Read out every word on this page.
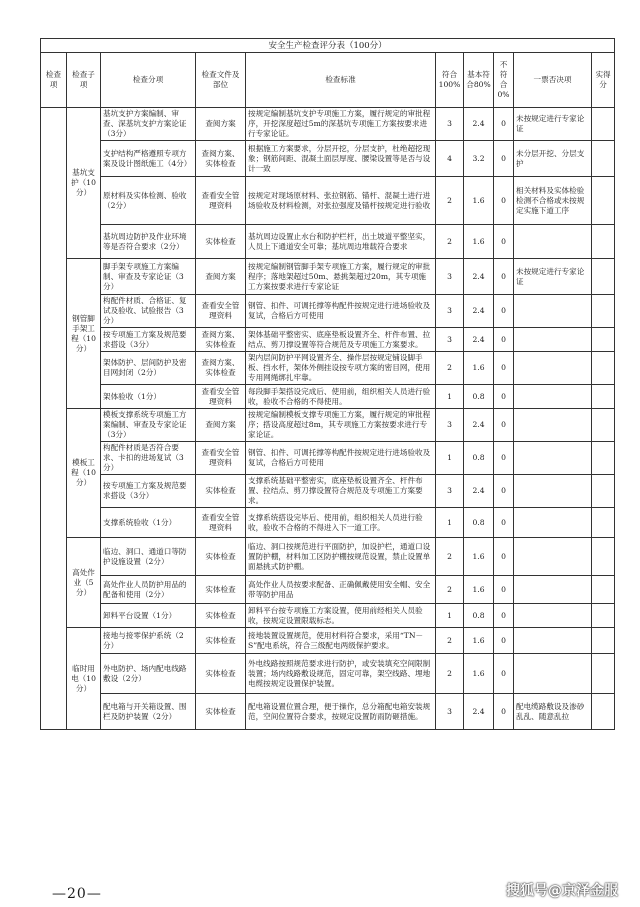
安全生产检查评分表（100分）									
检查项	检查子项	检查分项	检查文件及部位	检查标准	符合100%	基本符合80%	不符合0%	一票否决项	实得分
	基坑支护（10分）	基坑支护方案编制、审查、深基坑支护方案论证（3分）	查阅方案	按规定编制基坑支护专项施工方案，履行规定的审批程序，开挖深度超过5m的深基坑专项施工方案按要求进行专家论证。	3	2.4	0	未按规定进行专家论证	
		支护结构严格遵照专项方案及设计图纸施工（4分）	查阅方案、实体检查	根据施工方案要求，分层开挖，分层支护，杜绝超挖现象；钢筋间距、混凝土面层厚度、腰梁设置等是否与设计一致	4	3.2	0	未分层开挖、分层支护	
		原材料及实体检测、验收（2分）	查看安全管理资料	按规定对现场原材料、张拉钢筋、锚杆、混凝土进行进场验收及材料检测，对张拉强度及锚杆按规定进行验收	2	1.6	0	相关材料及实体检验检测不合格或未按规定实施下道工序	
		基坑周边防护及作业环境等是否符合要求（2分）	实体检查	基坑周边设置止水台和防护栏杆，出土坡道平整坚实，人员上下通道安全可靠；基坑周边堆载符合要求	2	1.6	0		
	钢管脚手架工程（10分）	脚手架专项施工方案编制、审查及专家论证（3分）	查阅方案	按规定编制钢管脚手架专项施工方案，履行规定的审批程序；落地架超过50m、悬挑架超过20m，其专项施工方案按要求进行专家论证	3	2.4	0	未按规定进行专家论证	
		构配件材质、合格证、复试及验收、试验报告（3分）	查看安全管理资料	钢管、扣件、可调托撑等构配件按规定进行进场验收及复试，合格后方可使用	3	2.4	0		
		按专项施工方案及规范要求搭设（3分）	查阅方案、实体检查	架体基础平整密实、底座垫板设置齐全、杆件布置、拉结点、剪刀撑设置等符合规范及专项施工方案要求。	3	2.4	0		
		架体防护、层间防护及密目网封闭（2分）	查阅方案、实体检查	架内层间防护平网设置齐全、操作层按规定铺设脚手板、挡水杆，架体外侧挂设按专项方案的密目网，使用专用网绳绑扎牢靠。	2	1.6	0		
		架体验收（1分）	查看安全管理资料	每段脚手架搭设完成后、使用前，组织相关人员进行验收，验收不合格的不得使用。	1	0.8	0		
	模板工程（10分）	模板支撑系统专项施工方案编制、审查及专家论证（3分）	查阅方案	按规定编制模板支撑专项施工方案，履行规定的审批程序；搭设高度超过8m，其专项施工方案按要求进行专家论证。	3	2.4	0		
		构配件材质是否符合要求、卡扣的进场复试（3分）	查看安全管理资料	钢管、扣件、可调托撑等构配件按规定进行进场验收及复试，合格后方可使用	1	0.8	0		
		按专项施工方案及规范要求搭设（3分）	实体检查	支撑系统基础平整密实，底座垫板设置齐全、杆件布置、拉结点、剪刀撑设置符合规范及专项施工方案要求。	3	2.4	0		
		支撑系统验收（1分）	查看安全管理资料	支撑系统搭设完毕后、使用前，组织相关人员进行验收，验收不合格的不得进入下一道工序。	1	0.8	0		
	高处作业（5分）	临边、洞口、通道口等防护设施设置（2分）	实体检查	临边、洞口按规范进行平面防护，加设护栏，通道口设置防护棚，材料加工区防护棚按规范设置，禁止设置单面悬挑式防护棚。	2	1.6	0		
		高处作业人员防护用品的配备和使用（2分）	实体检查	高处作业人员按要求配备、正确佩戴使用安全帽、安全带等防护用品	2	1.6	0		
		卸料平台设置（1分）	实体检查	卸料平台按专项施工方案设置，使用前经相关人员验收，按规定设置限载标志。	1	0.8	0		
	临时用电（10分）	接地与接零保护系统（2分）	实体检查	接地装置设置规范，使用材料符合要求，采用“TN－S”配电系统，符合三级配电两级保护要求。	2	1.6	0		
		外电防护、场内配电线路敷设（2分）	实体检查	外电线路按照规范要求进行防护，或安装填充空间限制装置；场内线路敷设规范，固定可靠，架空线路、埋地电缆按规定设置保护装置。	2	1.6	0		
		配电箱与开关箱设置、围栏及防护装置（2分）	实体检查	配电箱设置位置合理，便于操作，总分箱配电箱安装规范，空间位置符合要求，按规定设置防雨防砸措施。	3	2.4	0	配电缆路敷设及渗砂乱乱、随意乱拉	
—20—	搜狐号@京泽金服
